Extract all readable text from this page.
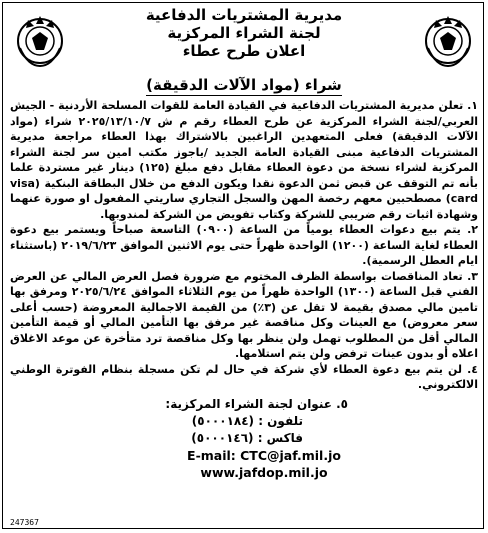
مديرية المشتريات الدفاعية
لجنة الشراء المركزية
اعلان طرح عطاء
شراء (مواد الآلات الدقيقة)

١. تعلن مديرية المشتريات الدفاعية في القيادة العامة للقوات المسلحة الأردنية - الجيش العربي/لجنة الشراء المركزية عن طرح العطاء رقم م ش ٢٠٢٥/١٣/١٠/٧ شراء (مواد الآلات الدقيقة) فعلى المتعهدين الراغبين بالاشتراك بهذا العطاء مراجعة مديرية المشتريات الدفاعية مبنى القيادة العامة الجديد /ياجوز مكتب امين سر لجنة الشراء المركزية لشراء نسخة من دعوة العطاء مقابل دفع مبلغ (١٢٥) دينار غير مستردة علما بأنه تم التوقف عن قبض ثمن الدعوة نقدا ويكون الدفع من خلال البطاقة البنكية (visa card) مصطحبين معهم رخصة المهن والسجل التجاري ساريتي المفعول او صورة عنهما وشهادة اثبات رقم ضريبي للشركة وكتاب تفويض من الشركة لمندوبها.

٢. يتم بيع دعوات العطاء يومياً من الساعة (٠٩٠٠) التاسعة صباحاً ويستمر بيع دعوة العطاء لغاية الساعة (١٢٠٠) الواحدة ظهراً حتى يوم الاثنين الموافق ٢٠١٩/٦/٢٣ (باستثناء ايام العطل الرسمية).

٣. تعاد المناقصات بواسطة الظرف المختوم مع ضرورة فصل العرض المالي عن العرض الفني قبل الساعة (١٣٠٠) الواحدة ظهراً من يوم الثلاثاء الموافق ٢٠٢٥/٦/٢٤ ومرفق بها تامين مالي مصدق بقيمة لا تقل عن (٣٪) من القيمة الاجمالية المعروضة (حسب أعلى سعر معروض) مع العينات وكل مناقصة غير مرفق بها التأمين المالي أو قيمة التأمين المالي أقل من المطلوب تهمل ولن ينظر بها وكل مناقصة ترد متأخرة عن موعد الاغلاق اعلاه أو بدون عينات ترفض ولن يتم استلامها.

٤. لن يتم بيع دعوة العطاء لأي شركة في حال لم تكن مسجلة بنظام الفوترة الوطني الالكتروني.

٥. عنوان لجنة الشراء المركزية:
تلفون : (٥٠٠٠١٨٤)
فاكس : (٥٠٠٠١٤٦)
E-mail: CTC@jaf.mil.jo
www.jafdop.mil.jo
247367
